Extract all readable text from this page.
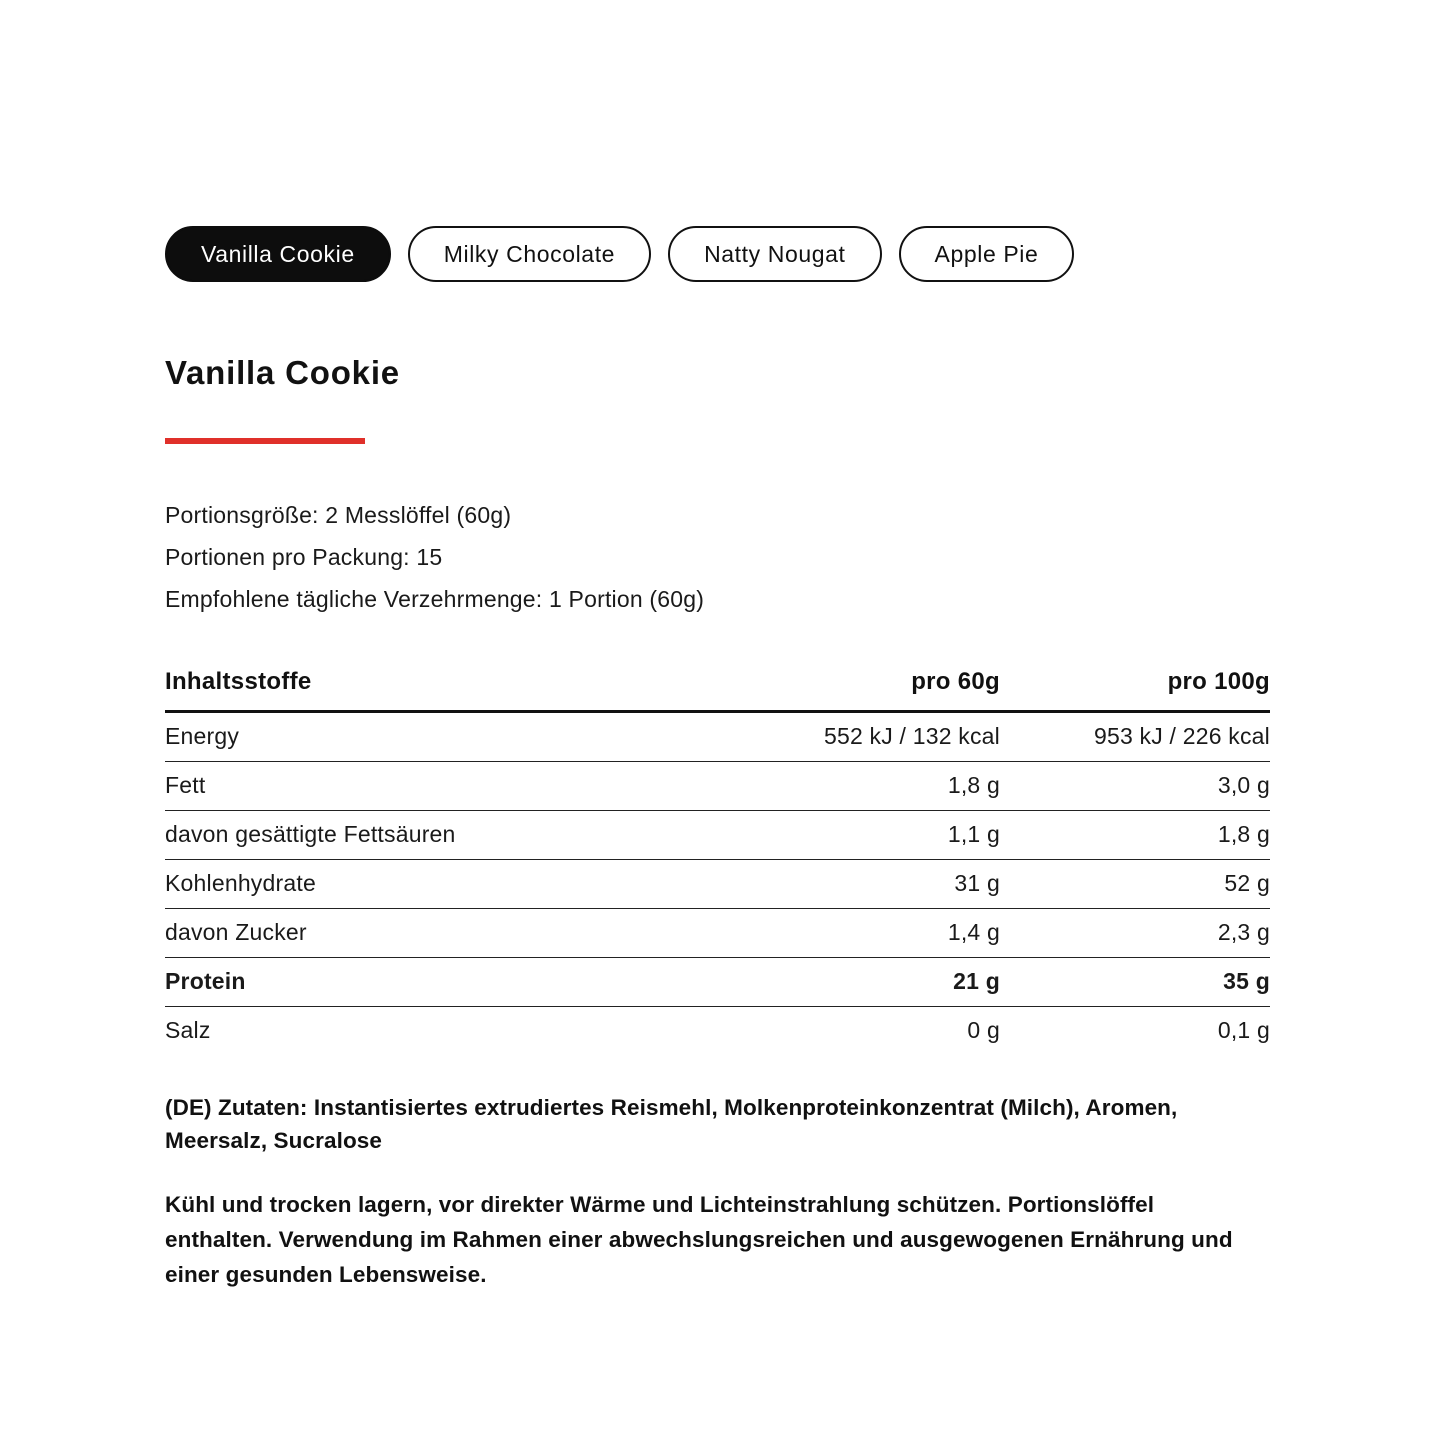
Vanilla Cookie	Milky Chocolate	Natty Nougat	Apple Pie
Vanilla Cookie

Portionsgröße: 2 Messlöffel (60g)

Portionen pro Packung: 15

Empfohlene tägliche Verzehrmenge: 1 Portion (60g)

Inhaltsstoffe	pro 60g	pro 100g
Energy	552 kJ / 132 kcal	953 kJ / 226 kcal
Fett	1,8 g	3,0 g
davon gesättigte Fettsäuren	1,1 g	1,8 g
Kohlenhydrate	31 g	52 g
davon Zucker	1,4 g	2,3 g
Protein	21 g	35 g
Salz	0 g	0,1 g

(DE) Zutaten: Instantisiertes extrudiertes Reismehl, Molkenproteinkonzentrat (Milch), Aromen, Meersalz, Sucralose

Kühl und trocken lagern, vor direkter Wärme und Lichteinstrahlung schützen. Portionslöffel enthalten. Verwendung im Rahmen einer abwechslungsreichen und ausgewogenen Ernährung und einer gesunden Lebensweise.
